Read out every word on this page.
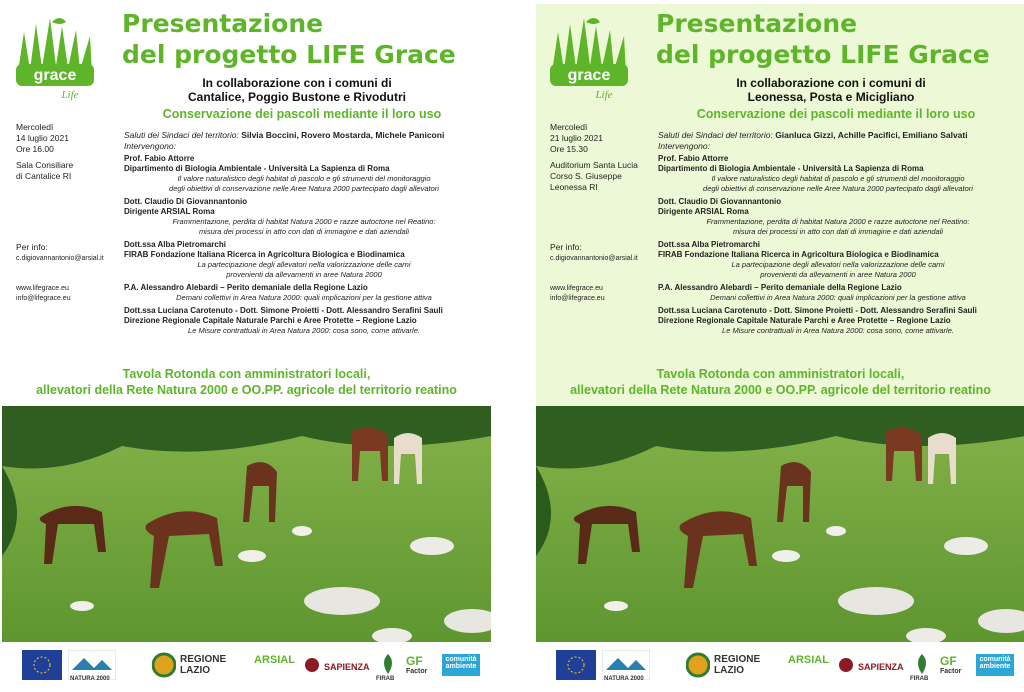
grace
Life
Presentazione
del progetto LIFE Grace
In collaborazione con i comuni di
Cantalice, Poggio Bustone e Rivodutri
Conservazione dei pascoli mediante il loro uso
Mercoledì
14 luglio 2021
Ore 16.00
Sala Consiliare
di Cantalice RI
Per info:
c.digiovannantonio@arsial.it
www.lifegrace.eu
info@lifegrace.eu
Saluti dei Sindaci del territorio: Silvia Boccini, Rovero Mostarda, Michele Paniconi
Intervengono:
Prof. Fabio Attorre
Dipartimento di Biologia Ambientale - Università La Sapienza di Roma
Il valore naturalistico degli habitat di pascolo e gli strumenti del monitoraggio
degli obiettivi di conservazione nelle Aree Natura 2000 partecipato dagli allevatori
Dott. Claudio Di Giovannantonio
Dirigente ARSIAL Roma
Frammentazione, perdita di habitat Natura 2000 e razze autoctone nel Reatino:
misura dei processi in atto con dati di immagine e dati aziendali
Dott.ssa Alba Pietromarchi
FIRAB Fondazione Italiana Ricerca in Agricoltura Biologica e Biodinamica
La partecipazione degli allevatori nella valorizzazione delle carni
provenienti da allevamenti in aree Natura 2000
P.A. Alessandro Alebardi – Perito demaniale della Regione Lazio
Demani collettivi in Area Natura 2000: quali implicazioni per la gestione attiva
Dott.ssa Luciana Carotenuto - Dott. Simone Proietti - Dott. Alessandro Serafini Sauli
Direzione Regionale Capitale Naturale Parchi e Aree Protette – Regione Lazio
Le Misure contrattuali in Area Natura 2000: cosa sono, come attivarle.
Tavola Rotonda con amministratori locali,
allevatori della Rete Natura 2000 e OO.PP. agricole del territorio reatino
NATURA 2000
REGIONE
LAZIO
ARSIAL
SAPIENZA
FIRAB
GF
Factor
comunità
ambiente
grace
Life
Presentazione
del progetto LIFE Grace
In collaborazione con i comuni di
Leonessa, Posta e Micigliano
Conservazione dei pascoli mediante il loro uso
Mercoledì
21 luglio 2021
Ore 15.30
Auditorium Santa Lucia
Corso S. Giuseppe
Leonessa RI
Per info:
c.digiovannantonio@arsial.it
www.lifegrace.eu
info@lifegrace.eu
Saluti dei Sindaci del territorio: Gianluca Gizzi, Achille Pacifici, Emiliano Salvati
Intervengono:
Prof. Fabio Attorre
Dipartimento di Biologia Ambientale - Università La Sapienza di Roma
Il valore naturalistico degli habitat di pascolo e gli strumenti del monitoraggio
degli obiettivi di conservazione nelle Aree Natura 2000 partecipato dagli allevatori
Dott. Claudio Di Giovannantonio
Dirigente ARSIAL Roma
Frammentazione, perdita di habitat Natura 2000 e razze autoctone nel Reatino:
misura dei processi in atto con dati di immagine e dati aziendali
Dott.ssa Alba Pietromarchi
FIRAB Fondazione Italiana Ricerca in Agricoltura Biologica e Biodinamica
La partecipazione degli allevatori nella valorizzazione delle carni
provenienti da allevamenti in aree Natura 2000
P.A. Alessandro Alebardi – Perito demaniale della Regione Lazio
Demani collettivi in Area Natura 2000: quali implicazioni per la gestione attiva
Dott.ssa Luciana Carotenuto - Dott. Simone Proietti - Dott. Alessandro Serafini Sauli
Direzione Regionale Capitale Naturale Parchi e Aree Protette – Regione Lazio
Le Misure contrattuali in Area Natura 2000: cosa sono, come attivarle.
Tavola Rotonda con amministratori locali,
allevatori della Rete Natura 2000 e OO.PP. agricole del territorio reatino
NATURA 2000
REGIONE
LAZIO
ARSIAL
SAPIENZA
FIRAB
GF
Factor
comunità
ambiente
